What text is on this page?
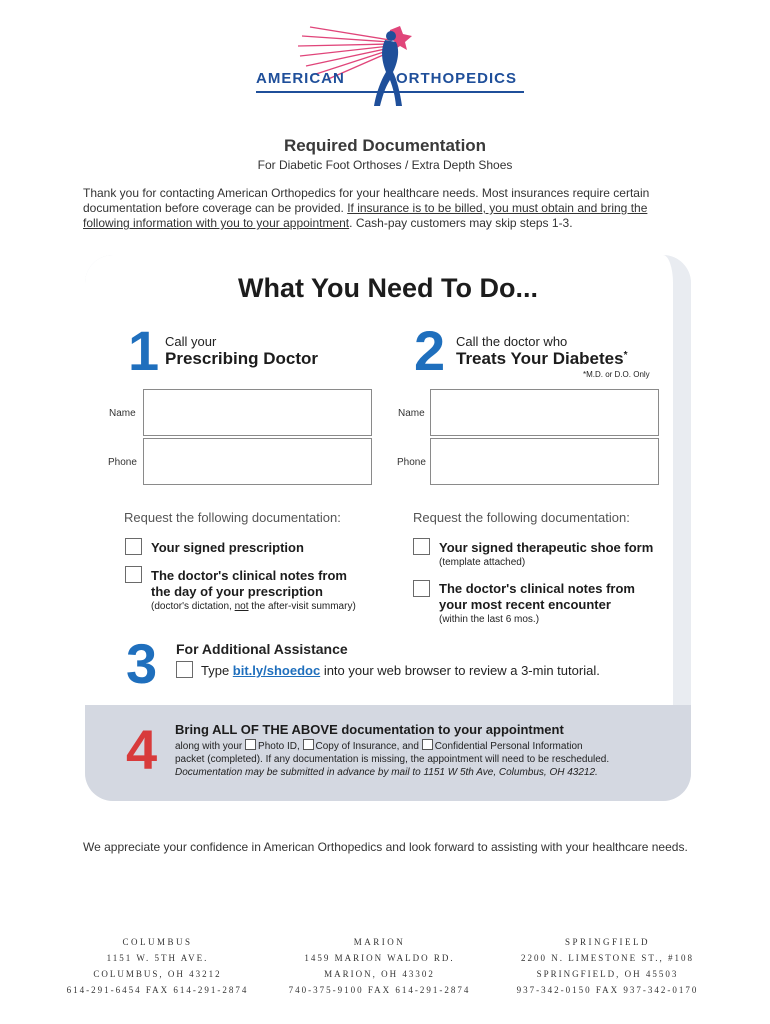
AMERICAN	ORTHOPEDICS
Required Documentation
For Diabetic Foot Orthoses / Extra Depth Shoes
Thank you for contacting American Orthopedics for your healthcare needs. Most insurances require certain documentation before coverage can be provided. If insurance is to be billed, you must obtain and bring the following information with you to your appointment. Cash-pay customers may skip steps 1-3.
What You Need To Do...
1 Call your
Prescribing Doctor
Name
Phone
Request the following documentation:
Your signed prescription
The doctor's clinical notes from
the day of your prescription
(doctor's dictation, not the after-visit summary)
2 Call the doctor who
Treats Your Diabetes*
*M.D. or D.O. Only
Name
Phone
Request the following documentation:
Your signed therapeutic shoe form
(template attached)
The doctor's clinical notes from
your most recent encounter
(within the last 6 mos.)
3 For Additional Assistance
Type bit.ly/shoedoc into your web browser to review a 3-min tutorial.
4 Bring ALL OF THE ABOVE documentation to your appointment
along with your Photo ID, Copy of Insurance, and Confidential Personal Information
packet (completed). If any documentation is missing, the appointment will need to be rescheduled.
Documentation may be submitted in advance by mail to 1151 W 5th Ave, Columbus, OH 43212.
We appreciate your confidence in American Orthopedics and look forward to assisting with your healthcare needs.
COLUMBUS
1151 W. 5TH AVE.
COLUMBUS, OH 43212
614-291-6454 FAX 614-291-2874
MARION
1459 MARION WALDO RD.
MARION, OH 43302
740-375-9100 FAX 614-291-2874
SPRINGFIELD
2200 N. LIMESTONE ST., #108
SPRINGFIELD, OH 45503
937-342-0150 FAX 937-342-0170
